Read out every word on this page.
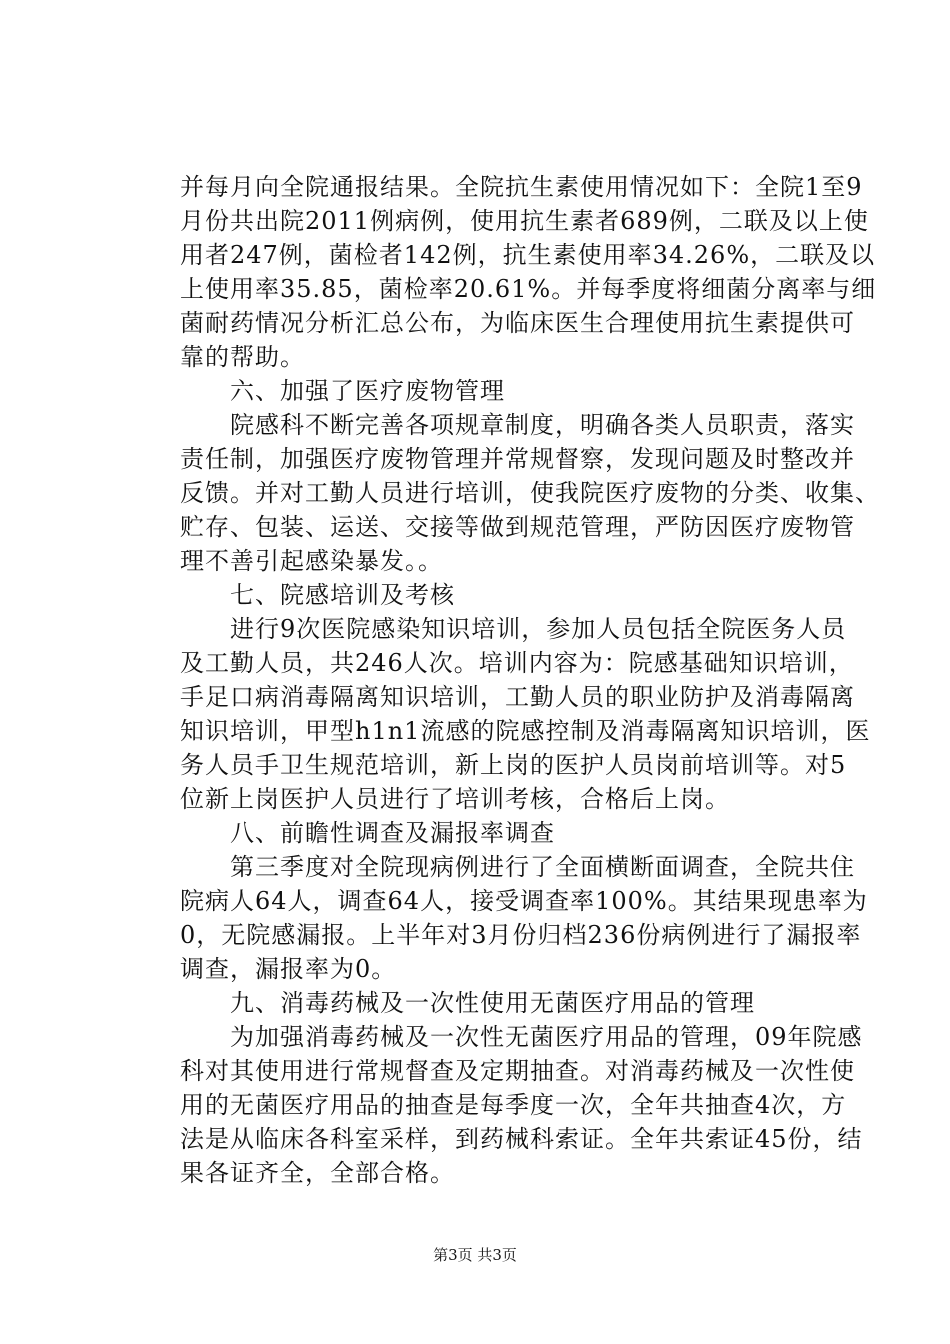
并每月向全院通报结果。全院抗生素使用情况如下：全院1至9
月份共出院2011例病例，使用抗生素者689例，二联及以上使
用者247例，菌检者142例，抗生素使用率34.26%，二联及以
上使用率35.85，菌检率20.61%。并每季度将细菌分离率与细
菌耐药情况分析汇总公布，为临床医生合理使用抗生素提供可
靠的帮助。
　　六、加强了医疗废物管理
　　院感科不断完善各项规章制度，明确各类人员职责，落实
责任制，加强医疗废物管理并常规督察，发现问题及时整改并
反馈。并对工勤人员进行培训，使我院医疗废物的分类、收集、
贮存、包装、运送、交接等做到规范管理，严防因医疗废物管
理不善引起感染暴发。。
　　七、院感培训及考核
　　进行9次医院感染知识培训，参加人员包括全院医务人员
及工勤人员，共246人次。培训内容为：院感基础知识培训，
手足口病消毒隔离知识培训，工勤人员的职业防护及消毒隔离
知识培训，甲型h1n1流感的院感控制及消毒隔离知识培训，医
务人员手卫生规范培训，新上岗的医护人员岗前培训等。对5
位新上岗医护人员进行了培训考核，合格后上岗。
　　八、前瞻性调查及漏报率调查
　　第三季度对全院现病例进行了全面横断面调查，全院共住
院病人64人，调查64人，接受调查率100%。其结果现患率为
0，无院感漏报。上半年对3月份归档236份病例进行了漏报率
调查，漏报率为0。
　　九、消毒药械及一次性使用无菌医疗用品的管理
　　为加强消毒药械及一次性无菌医疗用品的管理，09年院感
科对其使用进行常规督查及定期抽查。对消毒药械及一次性使
用的无菌医疗用品的抽查是每季度一次，全年共抽查4次，方
法是从临床各科室采样，到药械科索证。全年共索证45份，结
果各证齐全，全部合格。
第3页 共3页
